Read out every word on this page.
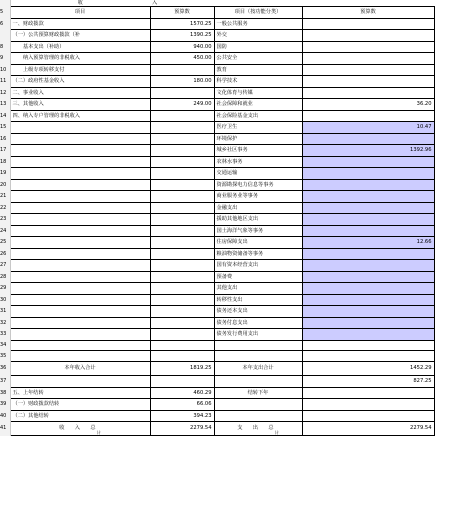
	收	入		
5	项目	预算数	项目（按功能分类）	预算数
6	一、财政拨款	1570.25	一般公共服务	
	（一）公共预算财政拨款（补	1390.25	外交	
8	　　基本支出（补助）	940.00	国防	
9	　　纳入预算管理的非税收入	450.00	公共安全	
10	　　上级专项转移支付		教育	
11	（二）政府性基金收入	180.00	科学技术	
12	二、事业收入		文化体育与传媒	
13	三、其他收入	249.00	社会保障和就业	36.20
14	四、纳入专户管理的非税收入		社会保险基金支出	
15			医疗卫生	10.47
16			环境保护	
17			城乡社区事务	1392.96
18			农林水事务	
19			交通运输	
20			资源勘探电力信息等事务	
21			商业服务业等事务	
22			金融支出	
23			援助其他地区支出	
24			国土海洋气象等事务	
25			住房保障支出	12.66
26			粮油物资储备等事务	
27			国有资本经营支出	
28			预备费	
29			其他支出	
30			转移性支出	
31			债务还本支出	
32			债务付息支出	
33			债务发行费用支出	
34				
35				
36	本年收入合计	1819.25	本年支出合计	1452.29
37				827.25
38	五、上年结转	460.29	结转下年	
39	（一）财政拨款结转	66.06		
40	（二）其他结转	394.23		
41	收　　入　　总 计	2279.54	支　　出　　总 计	2279.54
